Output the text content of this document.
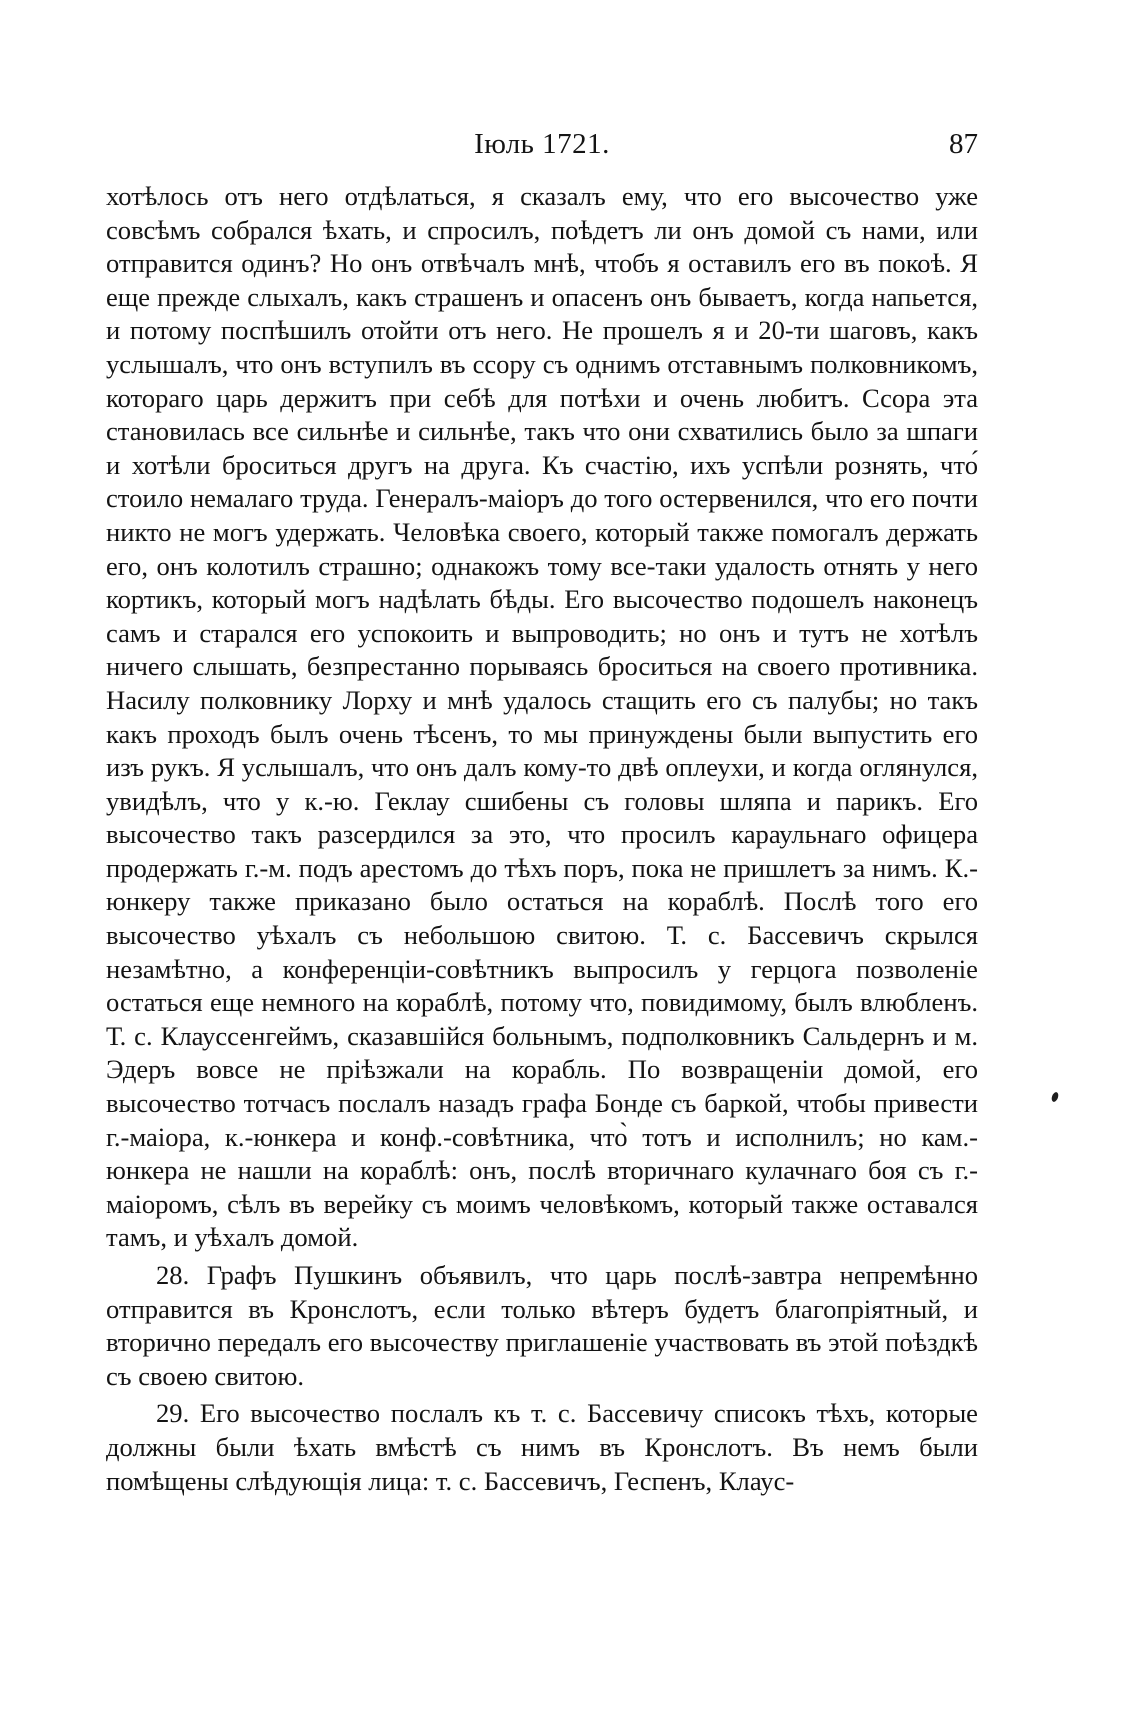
Іюль 1721.	87

хотѣлось отъ него отдѣлаться, я сказалъ ему, что его высочество уже совсѣмъ собрался ѣхать, и спросилъ, поѣдетъ ли онъ домой съ нами, или отправится одинъ? Но онъ отвѣчалъ мнѣ, чтобъ я оставилъ его въ покоѣ. Я еще прежде слыхалъ, какъ страшенъ и опасенъ онъ бываетъ, когда напьется, и потому поспѣшилъ отойти отъ него. Не прошелъ я и 20-ти шаговъ, какъ услышалъ, что онъ вступилъ въ ссору съ однимъ отставнымъ полковникомъ, котораго царь держитъ при себѣ для потѣхи и очень любитъ. Ссора эта становилась все сильнѣе и сильнѣе, такъ что они схватились было за шпаги и хотѣли броситься другъ на друга. Къ счастію, ихъ успѣли рознять, что́ стоило немалаго труда. Генералъ-маіоръ до того остервенился, что его почти никто не могъ удержать. Человѣка своего, который также помогалъ держать его, онъ колотилъ страшно; однакожъ тому все-таки удалость отнять у него кортикъ, который могъ надѣлать бѣды. Его высочество подошелъ наконецъ самъ и старался его успокоить и выпроводить; но онъ и тутъ не хотѣлъ ничего слышать, безпрестанно порываясь броситься на своего противника. Насилу полковнику Лорху и мнѣ удалось стащить его съ палубы; но такъ какъ проходъ былъ очень тѣсенъ, то мы принуждены были выпустить его изъ рукъ. Я услышалъ, что онъ далъ кому-то двѣ оплеухи, и когда оглянулся, увидѣлъ, что у к.-ю. Геклау сшибены съ головы шляпа и парикъ. Его высочество такъ разсердился за это, что просилъ караульнаго офицера продержать г.-м. подъ арестомъ до тѣхъ поръ, пока не пришлетъ за нимъ. К.-юнкеру также приказано было остаться на кораблѣ. Послѣ того его высочество уѣхалъ съ небольшою свитою. Т. с. Бассевичъ скрылся незамѣтно, а конференціи-совѣтникъ выпросилъ у герцога позволеніе остаться еще немного на кораблѣ, потому что, повидимому, былъ влюбленъ. Т. с. Клауссенгеймъ, сказавшійся больнымъ, подполковникъ Сальдернъ и м. Эдеръ вовсе не пріѣзжали на корабль. По возвращеніи домой, его высочество тотчасъ послалъ назадъ графа Бонде съ баркой, чтобы привести г.-маіора, к.-юнкера и конф.-совѣтника, что̀ тотъ и исполнилъ; но кам.-юнкера не нашли на кораблѣ: онъ, послѣ вторичнаго кулачнаго боя съ г.-маіоромъ, сѣлъ въ верейку съ моимъ человѣкомъ, который также оставался тамъ, и уѣхалъ домой.

28. Графъ Пушкинъ объявилъ, что царь послѣ-завтра непремѣнно отправится въ Кронслотъ, если только вѣтеръ будетъ благопріятный, и вторично передалъ его высочеству приглашеніе участвовать въ этой поѣздкѣ съ своею свитою.

29. Его высочество послалъ къ т. с. Бассевичу списокъ тѣхъ, которые должны были ѣхать вмѣстѣ съ нимъ въ Кронслотъ. Въ немъ были помѣщены слѣдующія лица: т. с. Бассевичъ, Геспенъ, Клаус-
